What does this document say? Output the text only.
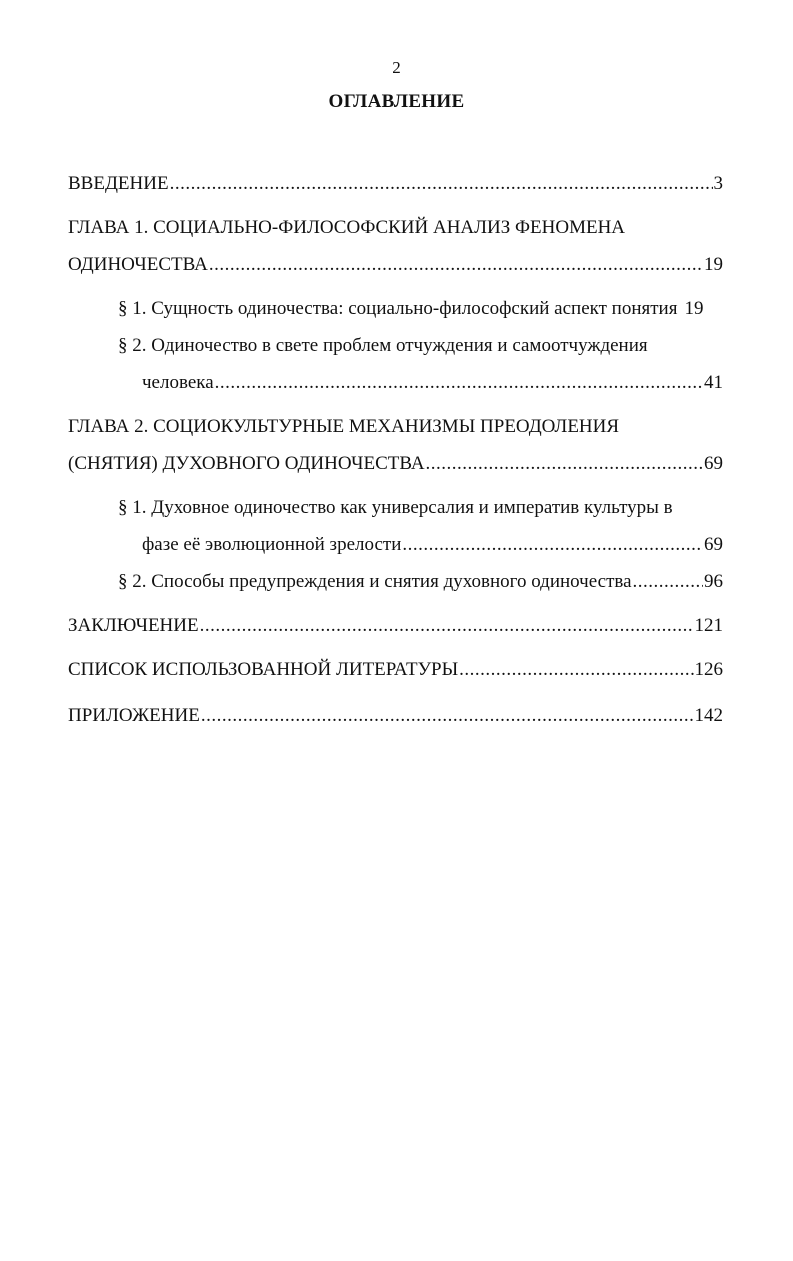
2
ОГЛАВЛЕНИЕ
ВВЕДЕНИЕ .....	3
ГЛАВА 1. СОЦИАЛЬНО-ФИЛОСОФСКИЙ АНАЛИЗ ФЕНОМЕНА
ОДИНОЧЕСТВА .....	19
§ 1. Сущность одиночества: социально-философский аспект понятия 19
§ 2. Одиночество в свете проблем отчуждения и самоотчуждения
человека .....	41
ГЛАВА 2. СОЦИОКУЛЬТУРНЫЕ МЕХАНИЗМЫ ПРЕОДОЛЕНИЯ
(СНЯТИЯ) ДУХОВНОГО ОДИНОЧЕСТВА .....	69
§ 1. Духовное одиночество как универсалия и императив культуры в
фазе её эволюционной зрелости .....	69
§ 2. Способы предупреждения и снятия духовного одиночества .....	96
ЗАКЛЮЧЕНИЕ .....	121
СПИСОК ИСПОЛЬЗОВАННОЙ ЛИТЕРАТУРЫ .....	126
ПРИЛОЖЕНИЕ .....	142
